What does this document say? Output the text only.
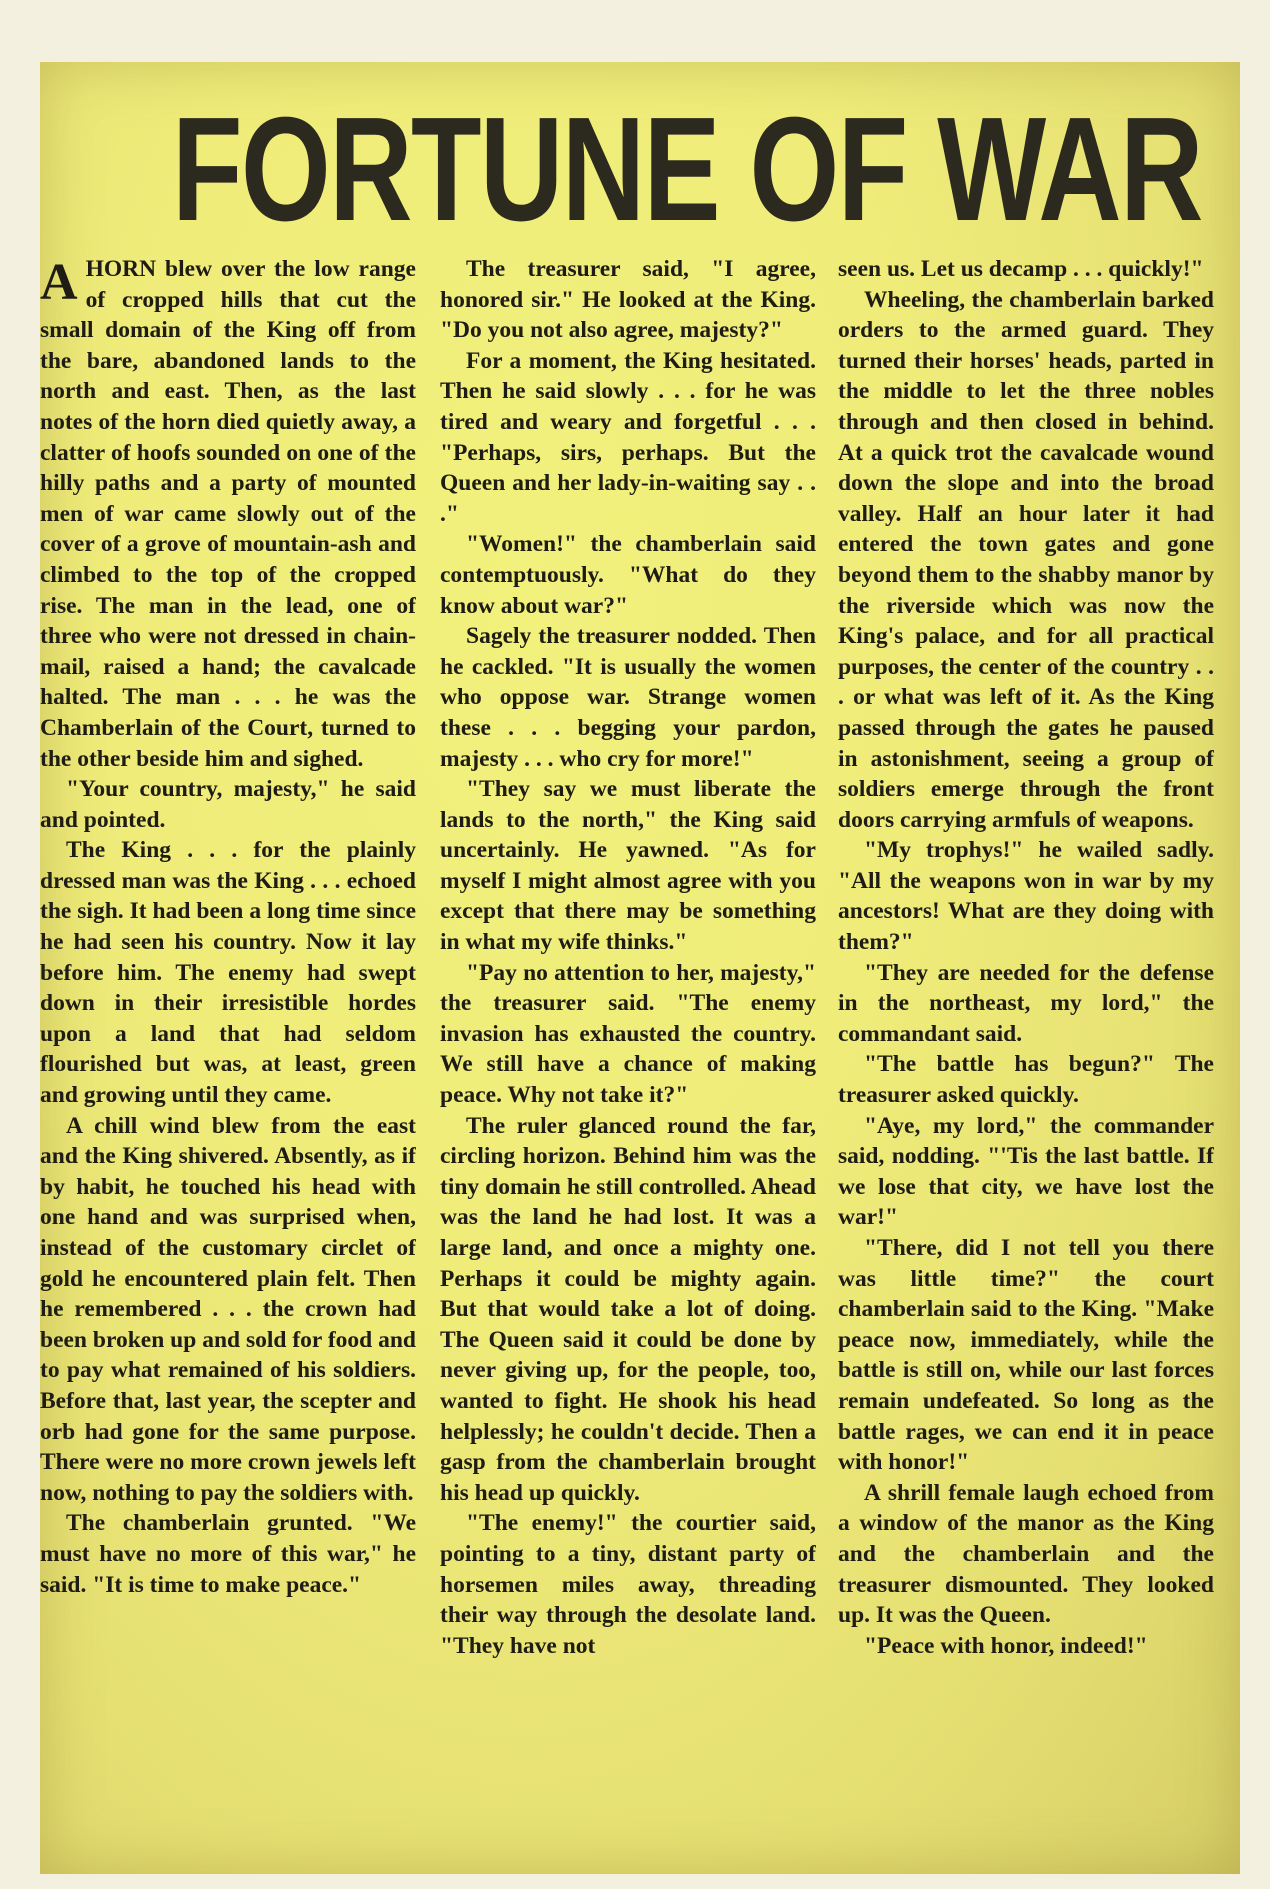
FORTUNE OF WAR

AHORN blew over the low range of cropped hills that cut the small domain of the King off from the bare, abandoned lands to the north and east. Then, as the last notes of the horn died quietly away, a clatter of hoofs sounded on one of the hilly paths and a party of mounted men of war came slowly out of the cover of a grove of mountain-ash and climbed to the top of the cropped rise. The man in the lead, one of three who were not dressed in chain-mail, raised a hand; the cavalcade halted. The man . . . he was the Chamberlain of the Court, turned to the other beside him and sighed.

"Your country, majesty," he said and pointed.

The King . . . for the plainly dressed man was the King . . . echoed the sigh. It had been a long time since he had seen his country. Now it lay before him. The enemy had swept down in their irresistible hordes upon a land that had seldom flourished but was, at least, green and growing until they came.

A chill wind blew from the east and the King shivered. Absently, as if by habit, he touched his head with one hand and was surprised when, instead of the customary circlet of gold he encountered plain felt. Then he remembered . . . the crown had been broken up and sold for food and to pay what remained of his soldiers. Before that, last year, the scepter and orb had gone for the same purpose. There were no more crown jewels left now, nothing to pay the soldiers with.

The chamberlain grunted. "We must have no more of this war," he said. "It is time to make peace."

The treasurer said, "I agree, honored sir." He looked at the King. "Do you not also agree, majesty?"

For a moment, the King hesitated. Then he said slowly . . . for he was tired and weary and forgetful . . . "Perhaps, sirs, perhaps. But the Queen and her lady-in-waiting say . . ."

"Women!" the chamberlain said contemptuously. "What do they know about war?"

Sagely the treasurer nodded. Then he cackled. "It is usually the women who oppose war. Strange women these . . . begging your pardon, majesty . . . who cry for more!"

"They say we must liberate the lands to the north," the King said uncertainly. He yawned. "As for myself I might almost agree with you except that there may be something in what my wife thinks."

"Pay no attention to her, majesty," the treasurer said. "The enemy invasion has exhausted the country. We still have a chance of making peace. Why not take it?"

The ruler glanced round the far, circling horizon. Behind him was the tiny domain he still controlled. Ahead was the land he had lost. It was a large land, and once a mighty one. Perhaps it could be mighty again. But that would take a lot of doing. The Queen said it could be done by never giving up, for the people, too, wanted to fight. He shook his head helplessly; he couldn't decide. Then a gasp from the chamberlain brought his head up quickly.

"The enemy!" the courtier said, pointing to a tiny, distant party of horsemen miles away, threading their way through the desolate land. "They have not

seen us. Let us decamp . . . quickly!"

Wheeling, the chamberlain barked orders to the armed guard. They turned their horses' heads, parted in the middle to let the three nobles through and then closed in behind. At a quick trot the cavalcade wound down the slope and into the broad valley. Half an hour later it had entered the town gates and gone beyond them to the shabby manor by the riverside which was now the King's palace, and for all practical purposes, the center of the country . . . or what was left of it. As the King passed through the gates he paused in astonishment, seeing a group of soldiers emerge through the front doors carrying armfuls of weapons.

"My trophys!" he wailed sadly. "All the weapons won in war by my ancestors! What are they doing with them?"

"They are needed for the defense in the northeast, my lord," the commandant said.

"The battle has begun?" The treasurer asked quickly.

"Aye, my lord," the commander said, nodding. "'Tis the last battle. If we lose that city, we have lost the war!"

"There, did I not tell you there was little time?" the court chamberlain said to the King. "Make peace now, immediately, while the battle is still on, while our last forces remain undefeated. So long as the battle rages, we can end it in peace with honor!"

A shrill female laugh echoed from a window of the manor as the King and the chamberlain and the treasurer dismounted. They looked up. It was the Queen.

"Peace with honor, indeed!"
